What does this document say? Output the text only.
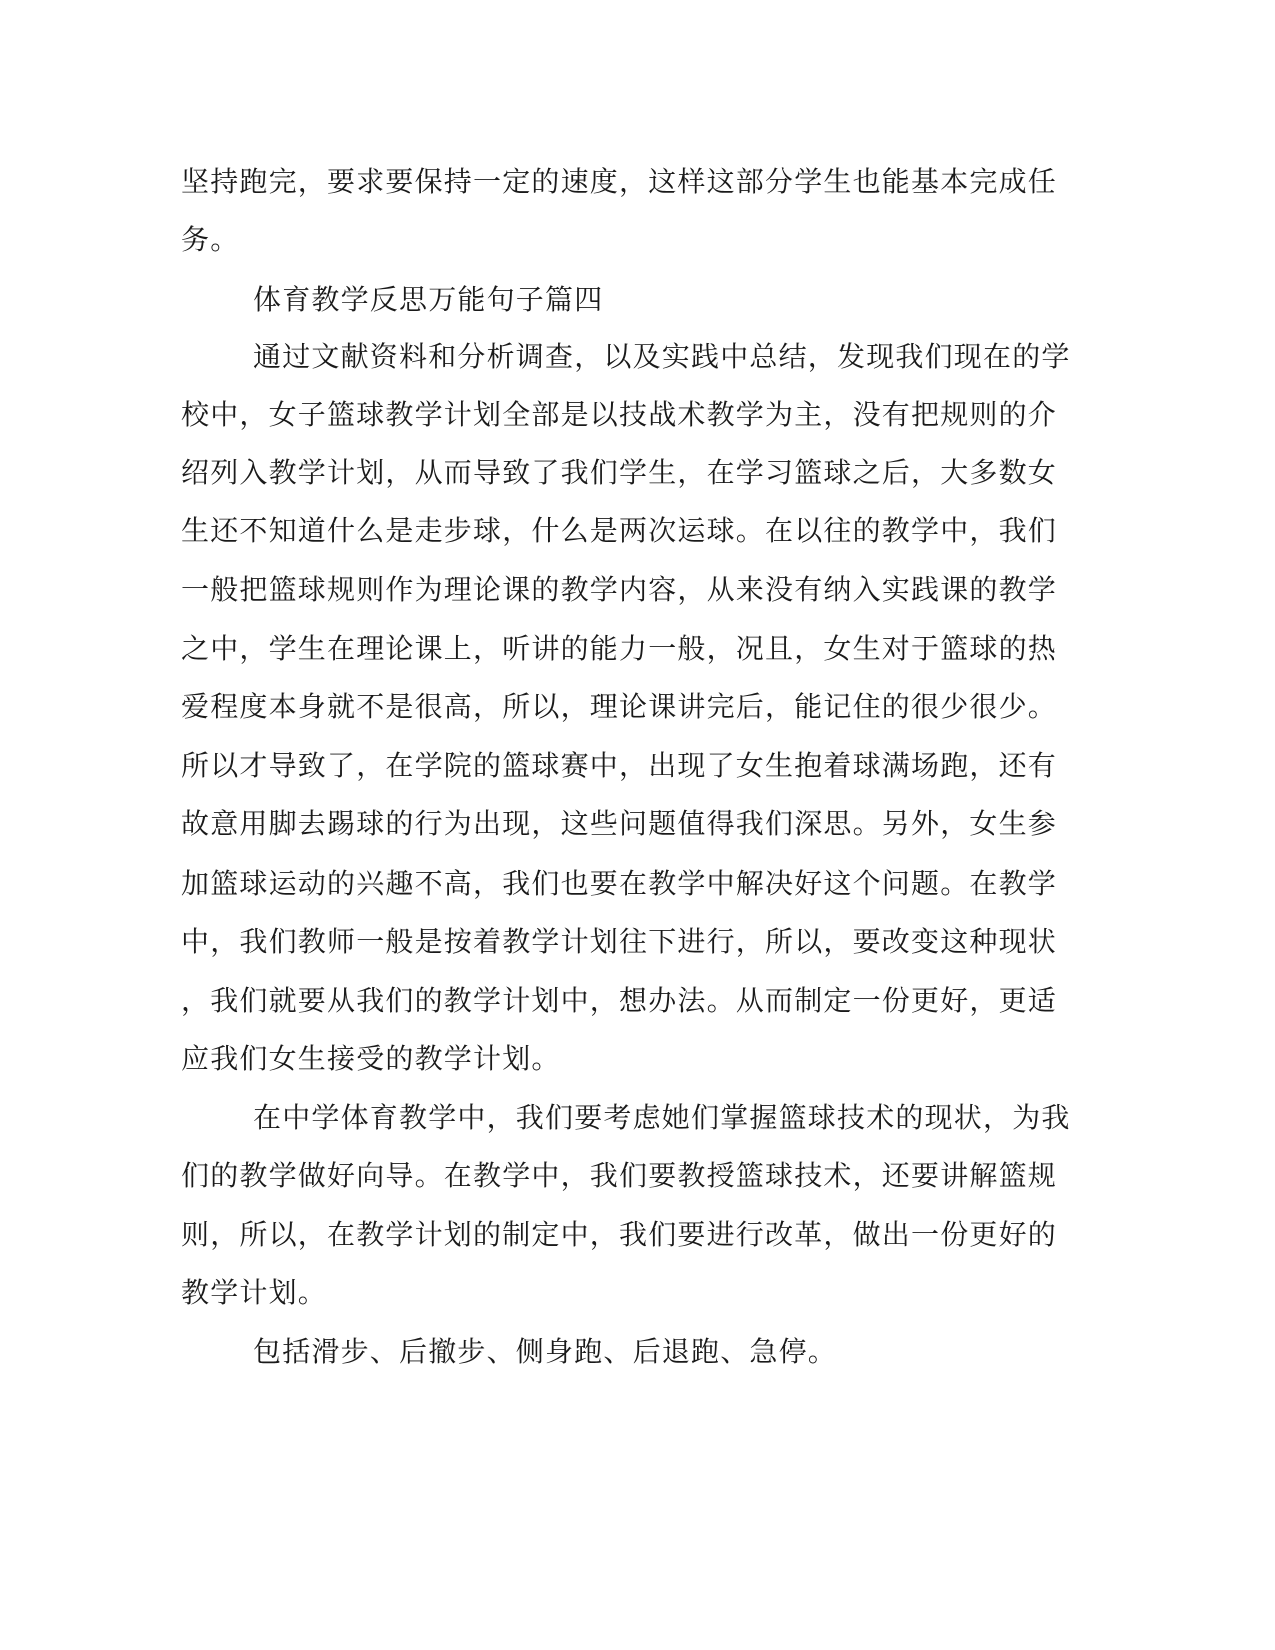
坚持跑完，要求要保持一定的速度，这样这部分学生也能基本完成任
务。
体育教学反思万能句子篇四
通过文献资料和分析调查，以及实践中总结，发现我们现在的学
校中，女子篮球教学计划全部是以技战术教学为主，没有把规则的介
绍列入教学计划，从而导致了我们学生，在学习篮球之后，大多数女
生还不知道什么是走步球，什么是两次运球。在以往的教学中，我们
一般把篮球规则作为理论课的教学内容，从来没有纳入实践课的教学
之中，学生在理论课上，听讲的能力一般，况且，女生对于篮球的热
爱程度本身就不是很高，所以，理论课讲完后，能记住的很少很少。
所以才导致了，在学院的篮球赛中，出现了女生抱着球满场跑，还有
故意用脚去踢球的行为出现，这些问题值得我们深思。另外，女生参
加篮球运动的兴趣不高，我们也要在教学中解决好这个问题。在教学
中，我们教师一般是按着教学计划往下进行，所以，要改变这种现状
，我们就要从我们的教学计划中，想办法。从而制定一份更好，更适
应我们女生接受的教学计划。
在中学体育教学中，我们要考虑她们掌握篮球技术的现状，为我
们的教学做好向导。在教学中，我们要教授篮球技术，还要讲解篮规
则，所以，在教学计划的制定中，我们要进行改革，做出一份更好的
教学计划。
包括滑步、后撤步、侧身跑、后退跑、急停。
